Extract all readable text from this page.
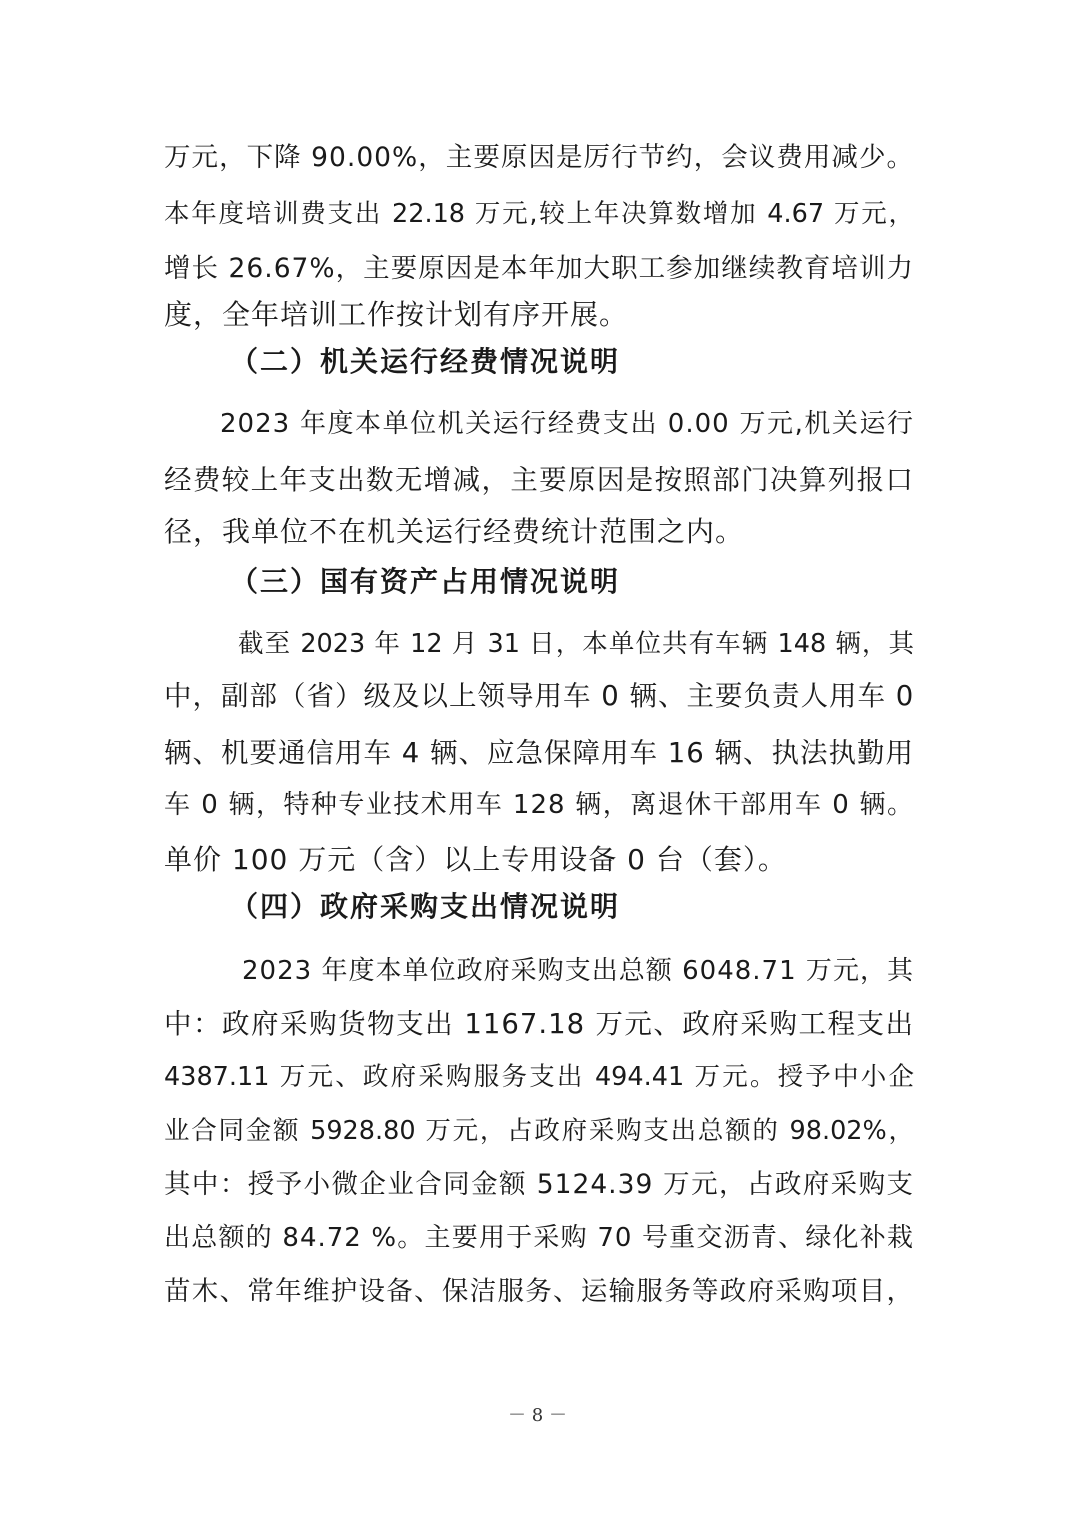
万元，下降 90.00%，主要原因是厉行节约，会议费用减少。
本年度培训费支出 22.18 万元,较上年决算数增加 4.67 万元，
增长 26.67%，主要原因是本年加大职工参加继续教育培训力
度，全年培训工作按计划有序开展。
（二）机关运行经费情况说明
2023 年度本单位机关运行经费支出 0.00 万元,机关运行
经费较上年支出数无增减，主要原因是按照部门决算列报口
径，我单位不在机关运行经费统计范围之内。
（三）国有资产占用情况说明
截至 2023 年 12 月 31 日，本单位共有车辆 148 辆，其
中，副部（省）级及以上领导用车 0 辆、主要负责人用车 0
辆、机要通信用车 4 辆、应急保障用车 16 辆、执法执勤用
车 0 辆，特种专业技术用车 128 辆，离退休干部用车 0 辆。
单价 100 万元（含）以上专用设备 0 台（套）。
（四）政府采购支出情况说明
2023 年度本单位政府采购支出总额 6048.71 万元，其
中：政府采购货物支出 1167.18 万元、政府采购工程支出
4387.11 万元、政府采购服务支出 494.41 万元。授予中小企
业合同金额 5928.80 万元，占政府采购支出总额的 98.02%，
其中：授予小微企业合同金额 5124.39 万元，占政府采购支
出总额的 84.72 %。主要用于采购 70 号重交沥青、绿化补栽
苗木、常年维护设备、保洁服务、运输服务等政府采购项目，
－ 8 －
